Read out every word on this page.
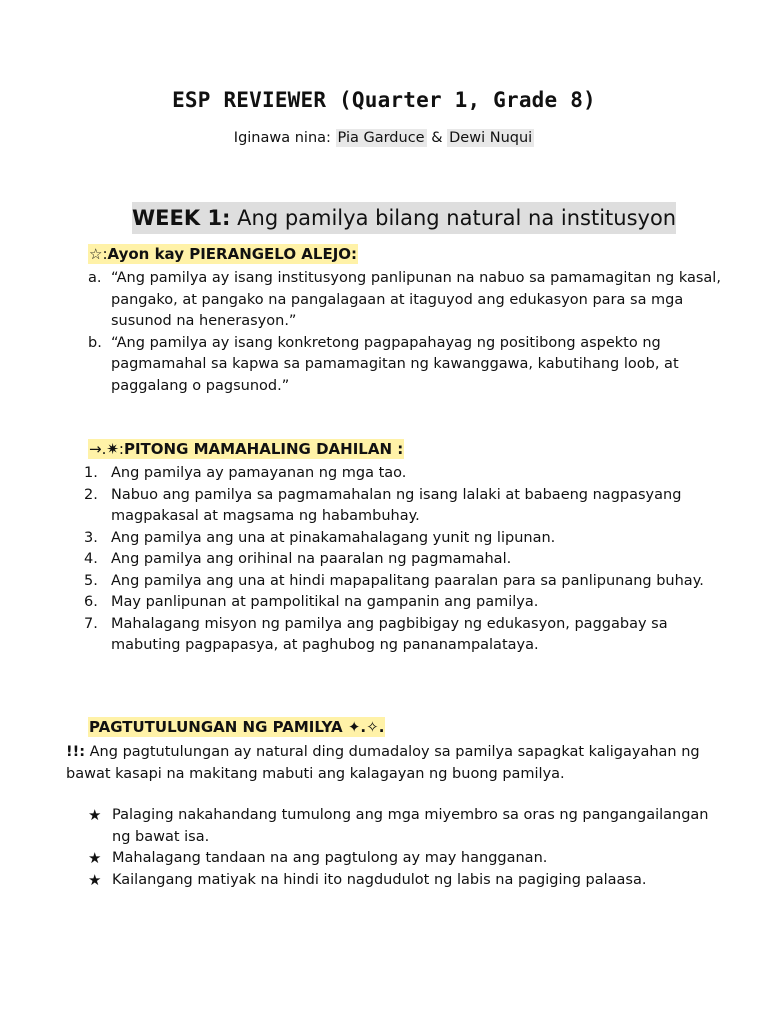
ESP REVIEWER (Quarter 1, Grade 8)
Iginawa nina: Pia Garduce & Dewi Nuqui
WEEK 1: Ang pamilya bilang natural na institusyon
☆:Ayon kay PIERANGELO ALEJO:
a. “Ang pamilya ay isang institusyong panlipunan na nabuo sa pamamagitan ng kasal, pangako, at pangako na pangalagaan at itaguyod ang edukasyon para sa mga susunod na henerasyon.”
b. “Ang pamilya ay isang konkretong pagpapahayag ng positibong aspekto ng pagmamahal sa kapwa sa pamamagitan ng kawanggawa, kabutihang loob, at paggalang o pagsunod.”
→.✷:PITONG MAMAHALING DAHILAN :
1. Ang pamilya ay pamayanan ng mga tao.
2. Nabuo ang pamilya sa pagmamahalan ng isang lalaki at babaeng nagpasyang magpakasal at magsama ng habambuhay.
3. Ang pamilya ang una at pinakamahalagang yunit ng lipunan.
4. Ang pamilya ang orihinal na paaralan ng pagmamahal.
5. Ang pamilya ang una at hindi mapapalitang paaralan para sa panlipunang buhay.
6. May panlipunan at pampolitikal na gampanin ang pamilya.
7. Mahalagang misyon ng pamilya ang pagbibigay ng edukasyon, paggabay sa mabuting pagpapasya, at paghubog ng pananampalataya.
PAGTUTULUNGAN NG PAMILYA ✦.✧.
!!: Ang pagtutulungan ay natural ding dumadaloy sa pamilya sapagkat kaligayahan ng bawat kasapi na makitang mabuti ang kalagayan ng buong pamilya.
★ Palaging nakahandang tumulong ang mga miyembro sa oras ng pangangailangan ng bawat isa.
★ Mahalagang tandaan na ang pagtulong ay may hangganan.
★ Kailangang matiyak na hindi ito nagdudulot ng labis na pagiging palaasa.
